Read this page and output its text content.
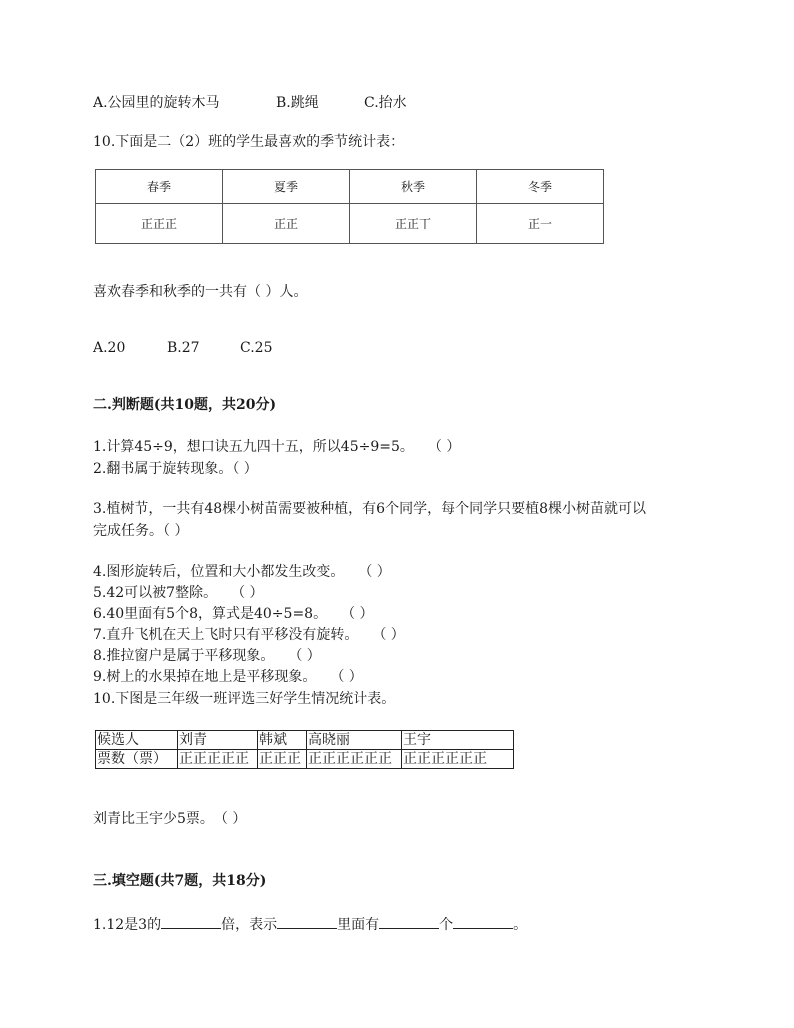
A.公园里的旋转木马	B.跳绳	C.抬水
10.下面是二（2）班的学生最喜欢的季节统计表：
春季	夏季	秋季	冬季
正正正	正正	正正丅	正一
喜欢春季和秋季的一共有（ ）人。
A.20	B.27	C.25
二.判断题(共10题，共20分)
1.计算45÷9，想口诀五九四十五，所以45÷9=5。　　（ ）
2.翻书属于旋转现象。（ ）
3.植树节，一共有48棵小树苗需要被种植，有6个同学，每个同学只要植8棵小树苗就可以
完成任务。（ ）
4.图形旋转后，位置和大小都发生改变。　　（ ）
5.42可以被7整除。　　（ ）
6.40里面有5个8，算式是40÷5=8。　　（ ）
7.直升飞机在天上飞时只有平移没有旋转。　　（ ）
8.推拉窗户是属于平移现象。　　（ ）
9.树上的水果掉在地上是平移现象。　　（ ）
10.下图是三年级一班评选三好学生情况统计表。
候选人	刘青	韩斌	高晓丽	王宇
票数（票）	正正正正正	正正正	正正正正正正	正正正正正正
刘青比王宇少5票。　（ ）
三.填空题(共7题，共18分)
1.12是3的	倍，表示	里面有	个	。
